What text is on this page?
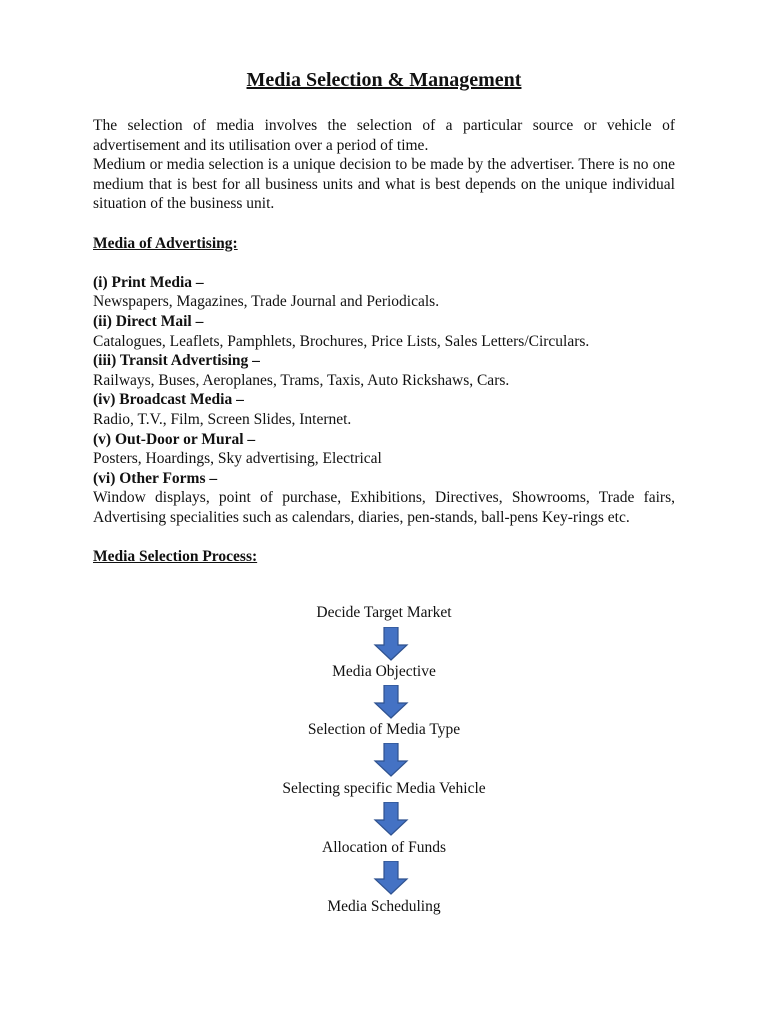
Media Selection & Management

The selection of media involves the selection of a particular source or vehicle of advertisement and its utilisation over a period of time.

Medium or media selection is a unique decision to be made by the advertiser. There is no one medium that is best for all business units and what is best depends on the unique individual situation of the business unit.

Media of Advertising:
(i) Print Media –
Newspapers, Magazines, Trade Journal and Periodicals.
(ii) Direct Mail –
Catalogues, Leaflets, Pamphlets, Brochures, Price Lists, Sales Letters/Circulars.
(iii) Transit Advertising –
Railways, Buses, Aeroplanes, Trams, Taxis, Auto Rickshaws, Cars.
(iv) Broadcast Media –
Radio, T.V., Film, Screen Slides, Internet.
(v) Out-Door or Mural –
Posters, Hoardings, Sky advertising, Electrical
(vi) Other Forms –
Window displays, point of purchase, Exhibitions, Directives, Showrooms, Trade fairs, Advertising specialities such as calendars, diaries, pen-stands, ball-pens Key-rings etc.
Media Selection Process:
Decide Target Market
Media Objective
Selection of Media Type
Selecting specific Media Vehicle
Allocation of Funds
Media Scheduling
